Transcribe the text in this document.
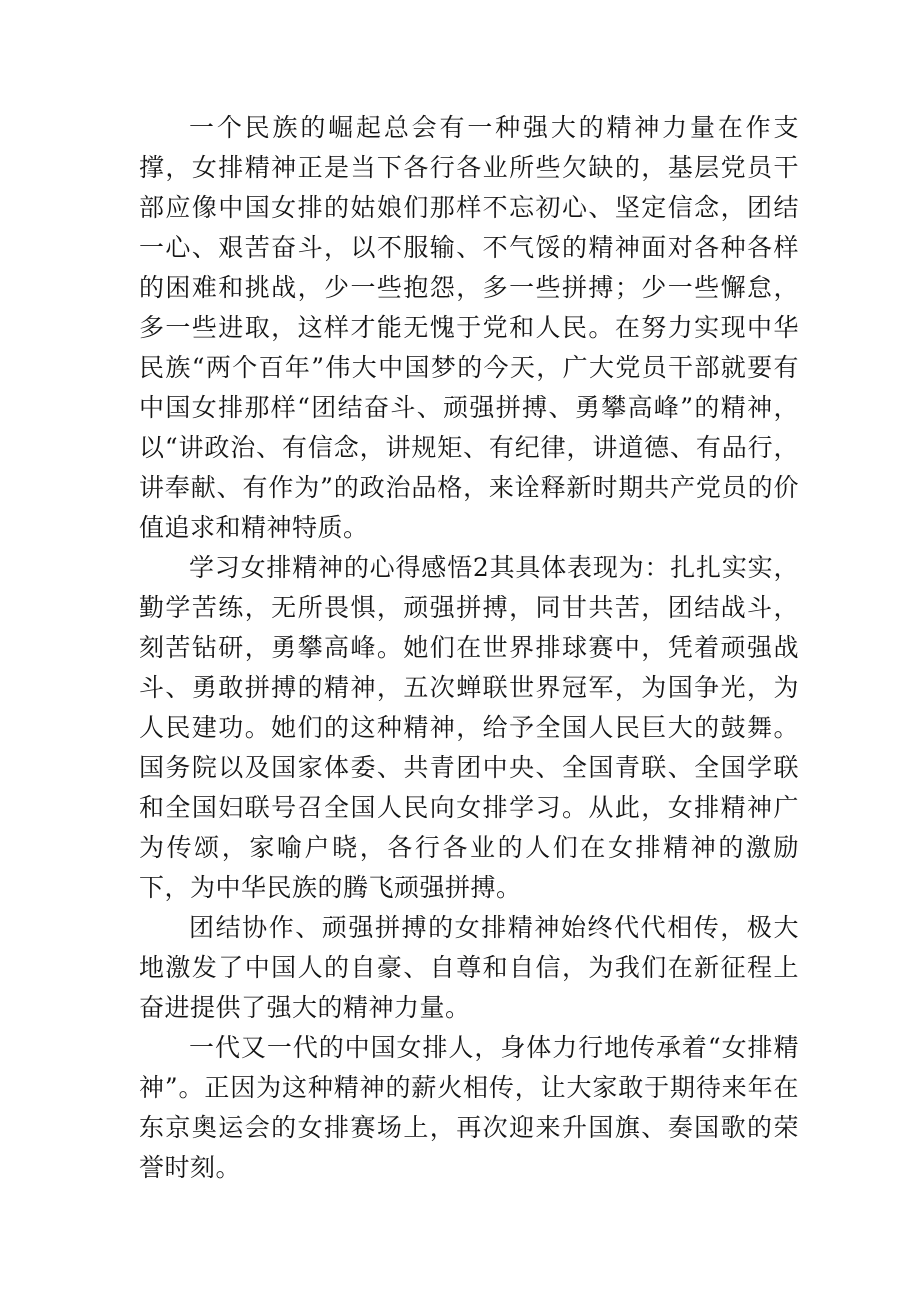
一个民族的崛起总会有一种强大的精神力量在作支撑，女排精神正是当下各行各业所些欠缺的，基层党员干部应像中国女排的姑娘们那样不忘初心、坚定信念，团结一心、艰苦奋斗，以不服输、不气馁的精神面对各种各样的困难和挑战，少一些抱怨，多一些拼搏；少一些懈怠，多一些进取，这样才能无愧于党和人民。在努力实现中华民族“两个百年”伟大中国梦的今天，广大党员干部就要有中国女排那样“团结奋斗、顽强拼搏、勇攀高峰”的精神，以“讲政治、有信念，讲规矩、有纪律，讲道德、有品行，讲奉献、有作为”的政治品格，来诠释新时期共产党员的价值追求和精神特质。

学习女排精神的心得感悟2其具体表现为：扎扎实实，勤学苦练，无所畏惧，顽强拼搏，同甘共苦，团结战斗，刻苦钻研，勇攀高峰。她们在世界排球赛中，凭着顽强战斗、勇敢拼搏的精神，五次蝉联世界冠军，为国争光，为人民建功。她们的这种精神，给予全国人民巨大的鼓舞。国务院以及国家体委、共青团中央、全国青联、全国学联和全国妇联号召全国人民向女排学习。从此，女排精神广为传颂，家喻户晓，各行各业的人们在女排精神的激励下，为中华民族的腾飞顽强拼搏。

团结协作、顽强拼搏的女排精神始终代代相传，极大地激发了中国人的自豪、自尊和自信，为我们在新征程上奋进提供了强大的精神力量。

一代又一代的中国女排人，身体力行地传承着“女排精神”。正因为这种精神的薪火相传，让大家敢于期待来年在东京奥运会的女排赛场上，再次迎来升国旗、奏国歌的荣誉时刻。
